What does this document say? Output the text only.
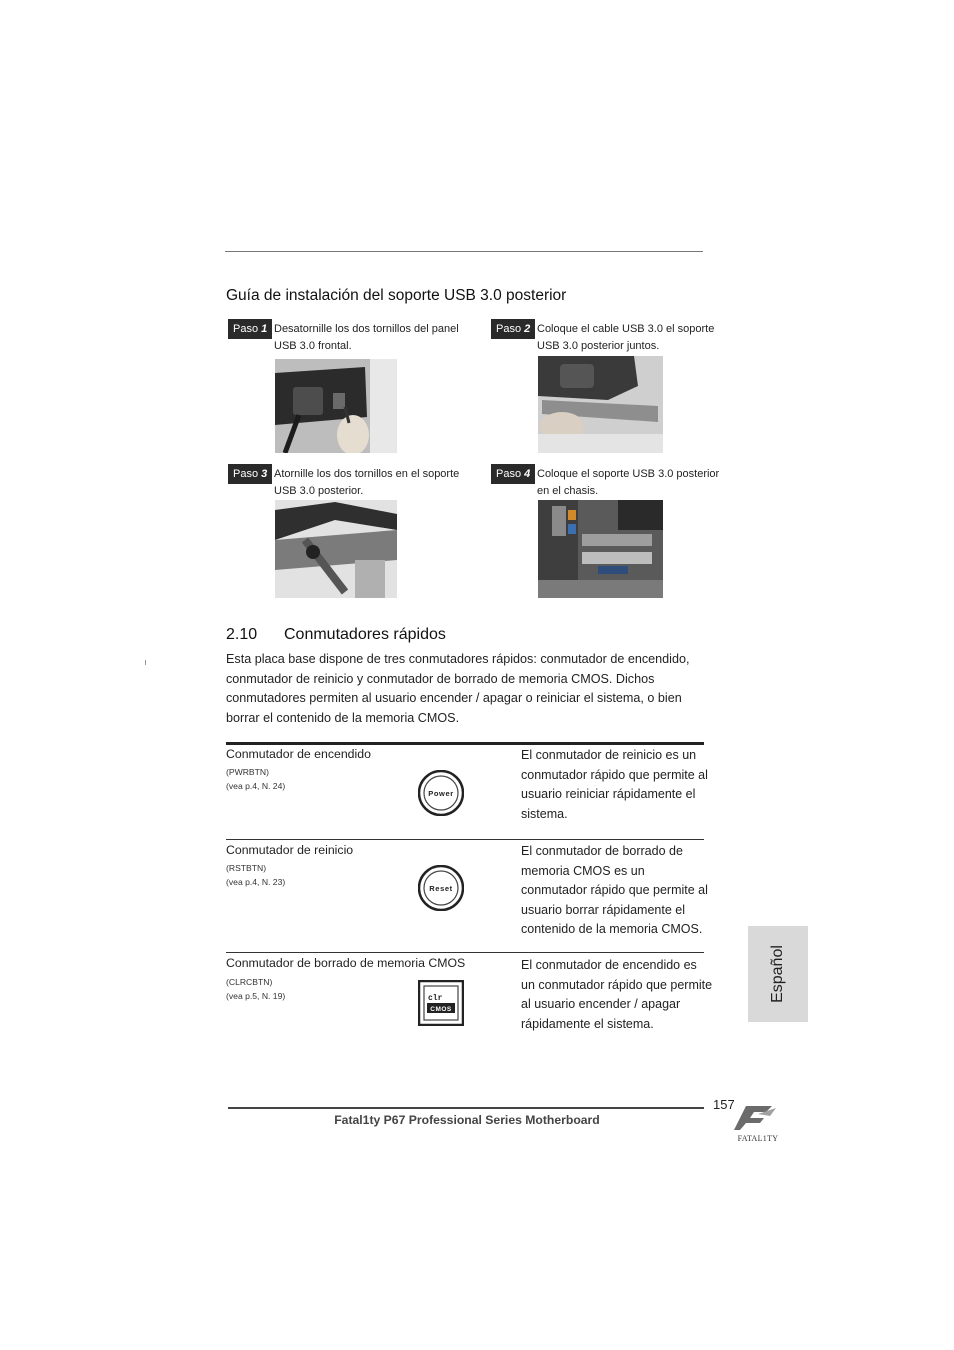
Guía de instalación del soporte USB 3.0 posterior
Paso 1 Desatornille los dos tornillos del panel
USB 3.0 frontal.
Paso 2 Coloque el cable USB 3.0 el soporte
USB 3.0 posterior juntos.
Paso 3 Atornille los dos tornillos en el soporte
USB 3.0 posterior.
Paso 4 Coloque el soporte USB 3.0 posterior
en el chasis.
2.10 Conmutadores rápidos
Esta placa base dispone de tres conmutadores rápidos: conmutador de encendido, conmutador de reinicio y conmutador de borrado de memoria CMOS. Dichos conmutadores permiten al usuario encender / apagar o reiniciar el sistema, o bien borrar el contenido de la memoria CMOS.
Conmutador de encendido
(PWRBTN)
(vea p.4, N. 24)
Power
El conmutador de reinicio es un conmutador rápido que permite al usuario reiniciar rápidamente el sistema.
Conmutador de reinicio
(RSTBTN)
(vea p.4, N. 23)
Reset
El conmutador de borrado de memoria CMOS es un conmutador rápido que permite al usuario borrar rápidamente el contenido de la memoria CMOS.
Conmutador de borrado de memoria CMOS
(CLRCBTN)
(vea p.5, N. 19)	clr
CMOS
El conmutador de encendido es un conmutador rápido que permite al usuario encender / apagar rápidamente el sistema.
Español
157
Fatal1ty P67 Professional Series Motherboard
FATAL1TY
